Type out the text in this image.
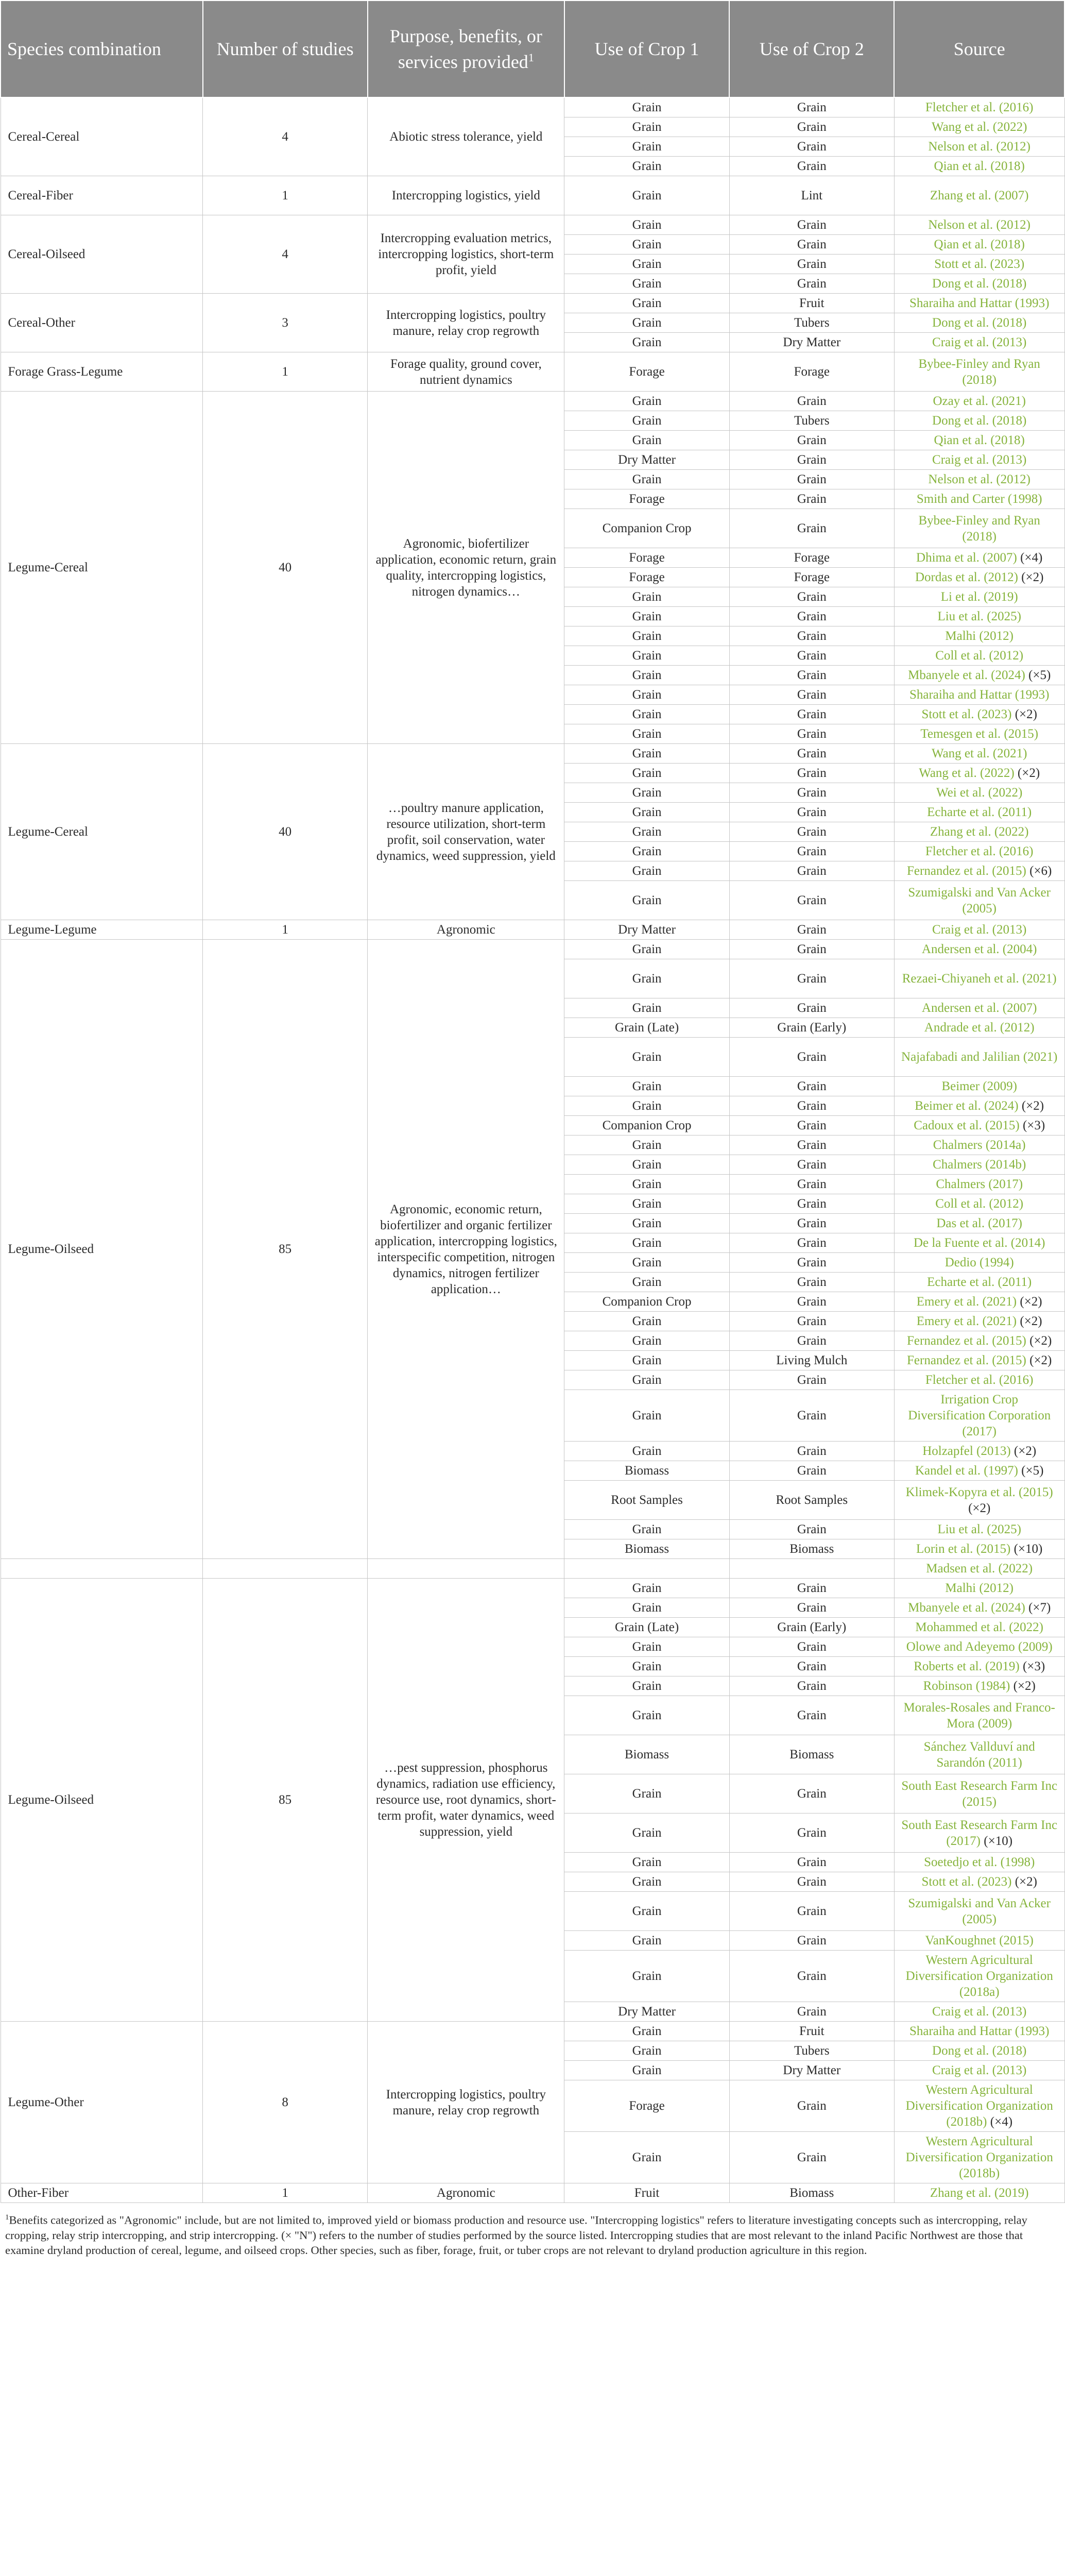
Species combination	Number of studies	Purpose, benefits, or services provided$^1$	Use of Crop 1	Use of Crop 2	Source
Cereal-Cereal	4	Abiotic stress tolerance, yield	Grain	Grain	Fletcher et al. (2016)
			Grain	Grain	Wang et al. (2022)
			Grain	Grain	Nelson et al. (2012)
			Grain	Grain	Qian et al. (2018)
Cereal-Fiber	1	Intercropping logistics, yield	Grain	Lint	Zhang et al. (2007)
Cereal-Oilseed	4	Intercropping evaluation metrics, intercropping logistics, short-term profit, yield	Grain	Grain	Nelson et al. (2012)
			Grain	Grain	Qian et al. (2018)
			Grain	Grain	Stott et al. (2023)
			Grain	Grain	Dong et al. (2018)
Cereal-Other	3	Intercropping logistics, poultry manure, relay crop regrowth	Grain	Fruit	Sharaiha and Hattar (1993)
			Grain	Tubers	Dong et al. (2018)
			Grain	Dry Matter	Craig et al. (2013)
Forage Grass-Legume	1	Forage quality, ground cover, nutrient dynamics	Forage	Forage	Bybee-Finley and Ryan (2018)
Legume-Cereal	40	Agronomic, biofertilizer application, economic return, grain quality, intercropping logistics, nitrogen dynamics…	Grain	Grain	Ozay et al. (2021)
			Grain	Tubers	Dong et al. (2018)
			Grain	Grain	Qian et al. (2018)
			Dry Matter	Grain	Craig et al. (2013)
			Grain	Grain	Nelson et al. (2012)
			Forage	Grain	Smith and Carter (1998)
			Companion Crop	Grain	Bybee-Finley and Ryan (2018)
			Forage	Forage	Dhima et al. (2007) (×4)
			Forage	Forage	Dordas et al. (2012) (×2)
			Grain	Grain	Li et al. (2019)
			Grain	Grain	Liu et al. (2025)
			Grain	Grain	Malhi (2012)
			Grain	Grain	Coll et al. (2012)
			Grain	Grain	Mbanyele et al. (2024) (×5)
			Grain	Grain	Sharaiha and Hattar (1993)
			Grain	Grain	Stott et al. (2023) (×2)
			Grain	Grain	Temesgen et al. (2015)
Legume-Cereal	40	…poultry manure application, resource utilization, short-term profit, soil conservation, water dynamics, weed suppression, yield	Grain	Grain	Wang et al. (2021)
			Grain	Grain	Wang et al. (2022) (×2)
			Grain	Grain	Wei et al. (2022)
			Grain	Grain	Echarte et al. (2011)
			Grain	Grain	Zhang et al. (2022)
			Grain	Grain	Fletcher et al. (2016)
			Grain	Grain	Fernandez et al. (2015) (×6)
			Grain	Grain	Szumigalski and Van Acker (2005)
Legume-Legume	1	Agronomic	Dry Matter	Grain	Craig et al. (2013)
Legume-Oilseed	85	Agronomic, economic return, biofertilizer and organic fertilizer application, intercropping logistics, interspecific competition, nitrogen dynamics, nitrogen fertilizer application…	Grain	Grain	Andersen et al. (2004)
			Grain	Grain	Rezaei-Chiyaneh et al. (2021)
			Grain	Grain	Andersen et al. (2007)
			Grain (Late)	Grain (Early)	Andrade et al. (2012)
			Grain	Grain	Najafabadi and Jalilian (2021)
			Grain	Grain	Beimer (2009)
			Grain	Grain	Beimer et al. (2024) (×2)
			Companion Crop	Grain	Cadoux et al. (2015) (×3)
			Grain	Grain	Chalmers (2014a)
			Grain	Grain	Chalmers (2014b)
			Grain	Grain	Chalmers (2017)
			Grain	Grain	Coll et al. (2012)
			Grain	Grain	Das et al. (2017)
			Grain	Grain	De la Fuente et al. (2014)
			Grain	Grain	Dedio (1994)
			Grain	Grain	Echarte et al. (2011)
			Companion Crop	Grain	Emery et al. (2021) (×2)
			Grain	Grain	Emery et al. (2021) (×2)
			Grain	Grain	Fernandez et al. (2015) (×2)
			Grain	Living Mulch	Fernandez et al. (2015) (×2)
			Grain	Grain	Fletcher et al. (2016)
			Grain	Grain	Irrigation Crop Diversification Corporation (2017)
			Grain	Grain	Holzapfel (2013) (×2)
			Biomass	Grain	Kandel et al. (1997) (×5)
			Root Samples	Root Samples	Klimek-Kopyra et al. (2015) (×2)
			Grain	Grain	Liu et al. (2025)
			Biomass	Biomass	Lorin et al. (2015) (×10)
					Madsen et al. (2022)
Legume-Oilseed	85	…pest suppression, phosphorus dynamics, radiation use efficiency, resource use, root dynamics, short-term profit, water dynamics, weed suppression, yield	Grain	Grain	Malhi (2012)
			Grain	Grain	Mbanyele et al. (2024) (×7)
			Grain (Late)	Grain (Early)	Mohammed et al. (2022)
			Grain	Grain	Olowe and Adeyemo (2009)
			Grain	Grain	Roberts et al. (2019) (×3)
			Grain	Grain	Robinson (1984) (×2)
			Grain	Grain	Morales-Rosales and Franco-Mora (2009)
			Biomass	Biomass	Sánchez Vallduví and Sarandón (2011)
			Grain	Grain	South East Research Farm Inc (2015)
			Grain	Grain	South East Research Farm Inc (2017) (×10)
			Grain	Grain	Soetedjo et al. (1998)
			Grain	Grain	Stott et al. (2023) (×2)
			Grain	Grain	Szumigalski and Van Acker (2005)
			Grain	Grain	VanKoughnet (2015)
			Grain	Grain	Western Agricultural Diversification Organization (2018a)
			Dry Matter	Grain	Craig et al. (2013)
Legume-Other	8	Intercropping logistics, poultry manure, relay crop regrowth	Grain	Fruit	Sharaiha and Hattar (1993)
			Grain	Tubers	Dong et al. (2018)
			Grain	Dry Matter	Craig et al. (2013)
			Forage	Grain	Western Agricultural Diversification Organization (2018b) (×4)
			Grain	Grain	Western Agricultural Diversification Organization (2018b)
Other-Fiber	1	Agronomic	Fruit	Biomass	Zhang et al. (2019)
$^1$Benefits categorized as "Agronomic" include, but are not limited to, improved yield or biomass production and resource use. "Intercropping logistics" refers to literature investigating concepts such as intercropping, relay cropping, relay strip intercropping, and strip intercropping. (× "N") refers to the number of studies performed by the source listed. Intercropping studies that are most relevant to the inland Pacific Northwest are those that examine dryland production of cereal, legume, and oilseed crops. Other species, such as fiber, forage, fruit, or tuber crops are not relevant to dryland production agriculture in this region.
